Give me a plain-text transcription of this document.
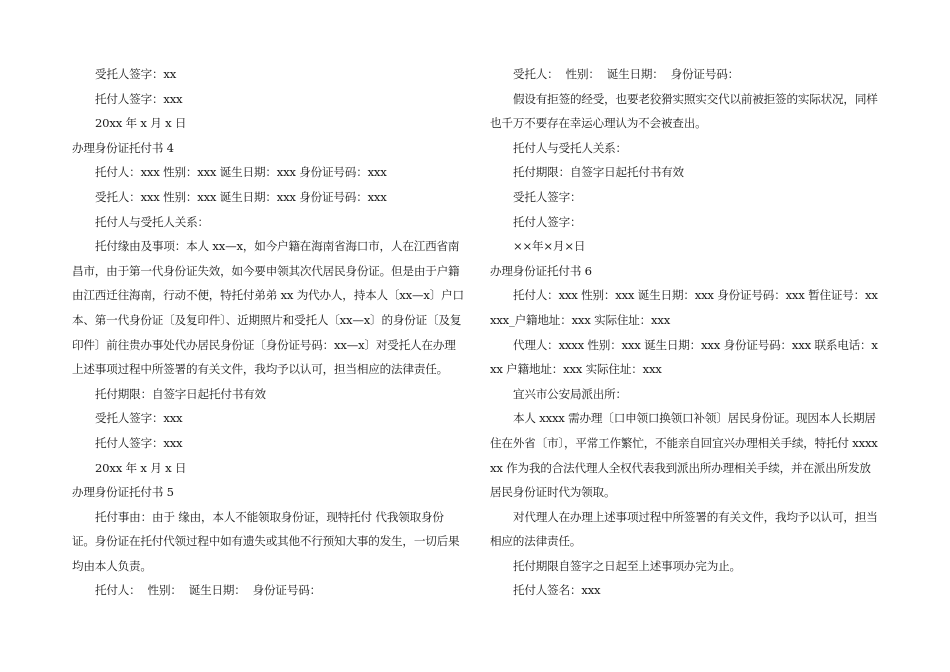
受托人签字：xx

托付人签字：xxx

20xx 年 x 月 x 日

办理身份证托付书 4

托付人：xxx 性别：xxx 诞生日期：xxx 身份证号码：xxx

受托人：xxx 性别：xxx 诞生日期：xxx 身份证号码：xxx

托付人与受托人关系：

托付缘由及事项：本人 xx—x，如今户籍在海南省海口市，人在江西省南昌市，由于第一代身份证失效，如今要申领其次代居民身份证。但是由于户籍由江西迁往海南，行动不便，特托付弟弟 xx 为代办人，持本人〔xx—x〕户口本、第一代身份证〔及复印件〕、近期照片和受托人〔xx—x〕的身份证〔及复印件〕前往贵办事处代办居民身份证〔身份证号码：xx—x〕对受托人在办理上述事项过程中所签署的有关文件，我均予以认可，担当相应的法律责任。

托付期限：自签字日起托付书有效

受托人签字：xxx

托付人签字：xxx

20xx 年 x 月 x 日

办理身份证托付书 5

托付事由：由于 缘由，本人不能领取身份证，现特托付 代我领取身份证。身份证在托付代领过程中如有遗失或其他不行预知大事的发生，一切后果均由本人负责。

托付人：  性别：  诞生日期：  身份证号码：

受托人：  性别：  诞生日期：  身份证号码：

假设有拒签的经受，也要老狡猾实照实交代以前被拒签的实际状况，同样也千万不要存在幸运心理认为不会被查出。

托付人与受托人关系：

托付期限：自签字日起托付书有效

受托人签字：

托付人签字：

××年×月×日

办理身份证托付书 6

托付人：xxx 性别：xxx 诞生日期：xxx 身份证号码：xxx 暂住证号：xxxxx_户籍地址：xxx 实际住址：xxx

代理人：xxxx 性别：xxx 诞生日期：xxx 身份证号码：xxx 联系电话：xxx 户籍地址：xxx 实际住址：xxx

宜兴市公安局派出所：

本人 xxxx 需办理〔口申领口换领口补领〕居民身份证。现因本人长期居住在外省〔市〕，平常工作繁忙，不能亲自回宜兴办理相关手续，特托付 xxxxxx 作为我的合法代理人全权代表我到派出所办理相关手续，并在派出所发放居民身份证时代为领取。

对代理人在办理上述事项过程中所签署的有关文件，我均予以认可，担当相应的法律责任。

托付期限自签字之日起至上述事项办完为止。

托付人签名：xxx
